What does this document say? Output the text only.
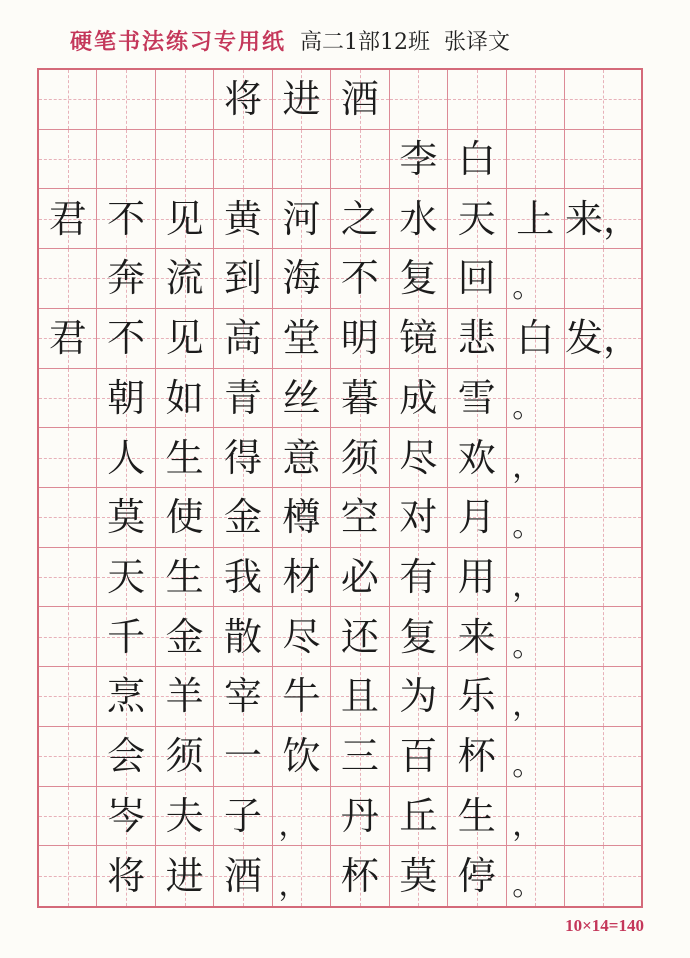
硬笔书法练习专用纸 高二1部12班 张译文
将 进 酒
李 白
君 不 见 黄 河 之 水 天 上 来，
奔 流 到 海 不 复 回 。
君 不 见 高 堂 明 镜 悲 白 发，
朝 如 青 丝 暮 成 雪 。
人 生 得 意 须 尽 欢 ，
莫 使 金 樽 空 对 月 。
天 生 我 材 必 有 用 ，
千 金 散 尽 还 复 来 。
烹 羊 宰 牛 且 为 乐 ，
会 须 一 饮 三 百 杯 。
岑 夫 子 ， 丹 丘 生 ，
将 进 酒 ， 杯 莫 停 。
10×14=140
